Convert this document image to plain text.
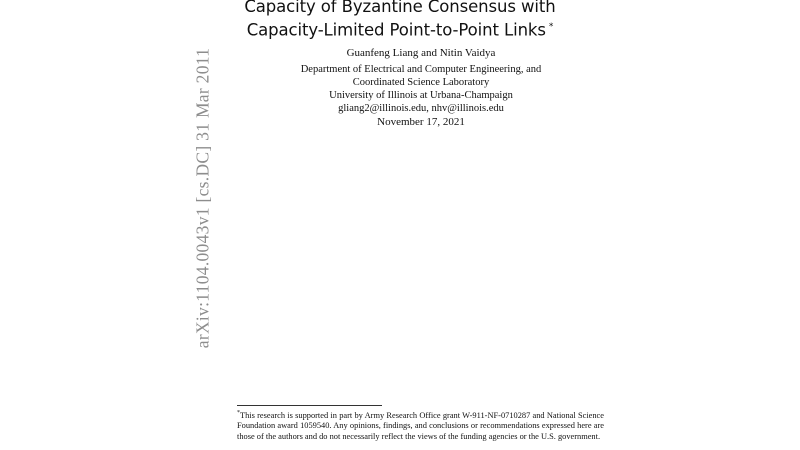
Capacity of Byzantine Consensus with
Capacity-Limited Point-to-Point Links *
Guanfeng Liang and Nitin Vaidya
Department of Electrical and Computer Engineering, and
Coordinated Science Laboratory
University of Illinois at Urbana-Champaign
gliang2@illinois.edu, nhv@illinois.edu
November 17, 2021
arXiv:1104.0043v1 [cs.DC] 31 Mar 2011
*This research is supported in part by Army Research Office grant W-911-NF-0710287 and National Science Foundation award 1059540. Any opinions, findings, and conclusions or recommendations expressed here are those of the authors and do not necessarily reflect the views of the funding agencies or the U.S. government.
